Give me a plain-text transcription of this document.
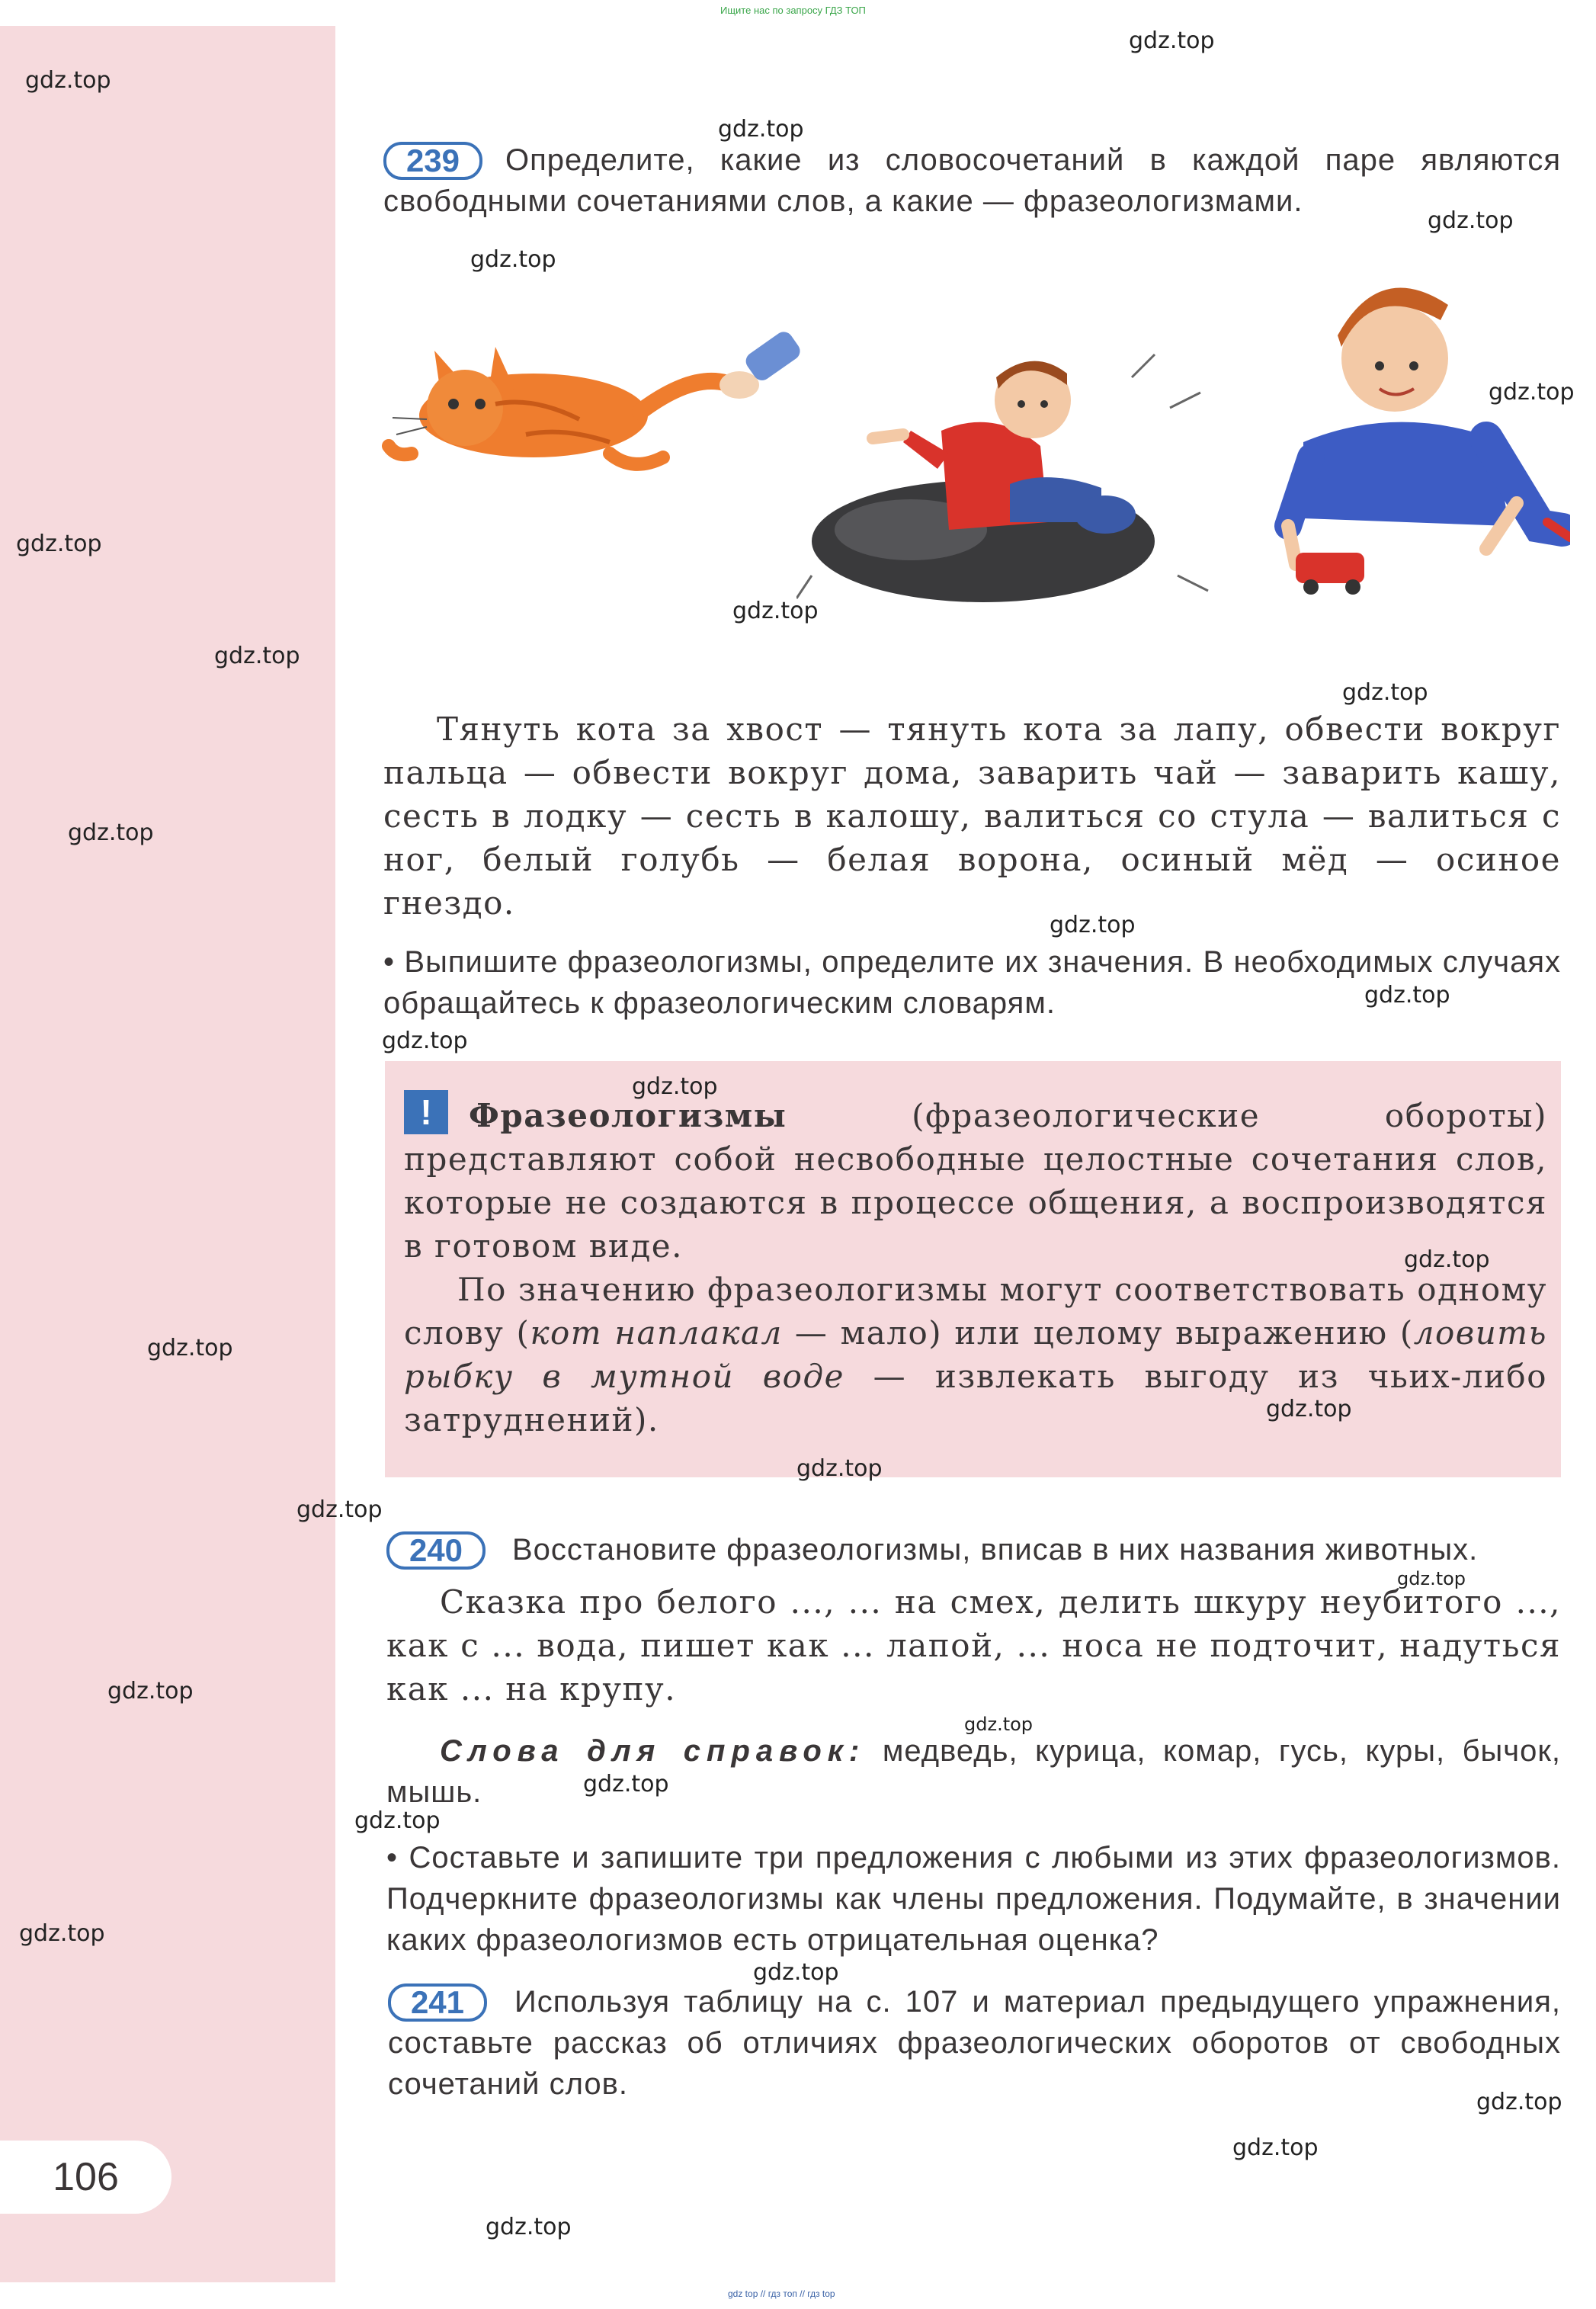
106
Ищите нас по запросу ГДЗ ТОП
gdz top // гдз топ // гдз top
239	Определите, какие из словосочетаний в каждой паре являются свободными сочетаниями слов, а какие — фразеологизмами.
Тянуть кота за хвост — тянуть кота за лапу, обвести вокруг пальца — обвести вокруг дома, заварить чай — заварить кашу, сесть в лодку — сесть в калошу, валиться со стула — валиться с ног, белый голубь — белая ворона, осиный мёд — осиное гнездо.
• Выпишите фразеологизмы, определите их значения. В необходимых случаях обращайтесь к фразеологическим словарям.
!	Фразеологизмы (фразеологические обороты) представляют собой несвободные целостные сочетания слов, которые не создаются в процессе общения, а воспроизводятся в готовом виде.
По значению фразеологизмы могут соответствовать одному слову (кот наплакал — мало) или целому выражению (ловить рыбку в мутной воде — извлекать выгоду из чьих-либо затруднений).
240	Восстановите фразеологизмы, вписав в них названия животных.
Сказка про белого ..., ... на смех, делить шкуру неубитого ..., как с ... вода, пишет как ... лапой, ... носа не подточит, надуться как ... на крупу.
Слова для справок: медведь, курица, комар, гусь, куры, бычок, мышь.
• Составьте и запишите три предложения с любыми из этих фразеологизмов. Подчеркните фразеологизмы как члены предложения. Подумайте, в значении каких фразеологизмов есть отрицательная оценка?
241	Используя таблицу на с. 107 и материал предыдущего упражнения, составьте рассказ об отличиях фразеологических оборотов от свободных сочетаний слов.
gdz.top
gdz.top
gdz.top
gdz.top
gdz.top
gdz.top
gdz.top
gdz.top
gdz.top
gdz.top
gdz.top
gdz.top
gdz.top
gdz.top
gdz.top
gdz.top
gdz.top
gdz.top
gdz.top
gdz.top
gdz.top
gdz.top
gdz.top
gdz.top
gdz.top
gdz.top
gdz.top
gdz.top
gdz.top
gdz.top
